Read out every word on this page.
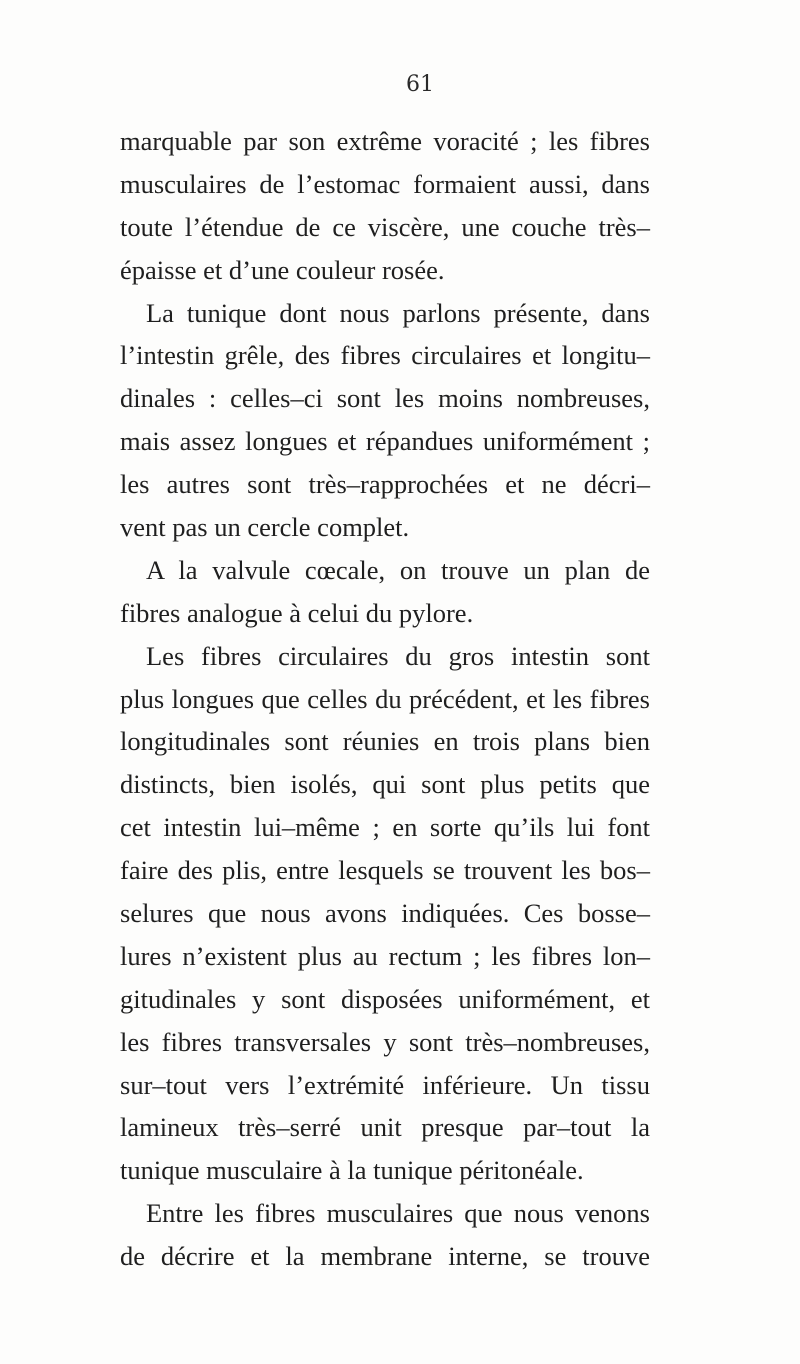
61
marquable par son extrême voracité ; les fibres
musculaires de l’estomac formaient aussi, dans
toute l’étendue de ce viscère, une couche très–
épaisse et d’une couleur rosée.
La tunique dont nous parlons présente, dans
l’intestin grêle, des fibres circulaires et longitu–
dinales : celles–ci sont les moins nombreuses,
mais assez longues et répandues uniformément ;
les autres sont très–rapprochées et ne décri–
vent pas un cercle complet.
A la valvule cœcale, on trouve un plan de
fibres analogue à celui du pylore.
Les fibres circulaires du gros intestin sont
plus longues que celles du précédent, et les fibres
longitudinales sont réunies en trois plans bien
distincts, bien isolés, qui sont plus petits que
cet intestin lui–même ; en sorte qu’ils lui font
faire des plis, entre lesquels se trouvent les bos–
selures que nous avons indiquées. Ces bosse–
lures n’existent plus au rectum ; les fibres lon–
gitudinales y sont disposées uniformément, et
les fibres transversales y sont très–nombreuses,
sur–tout vers l’extrémité inférieure. Un tissu
lamineux très–serré unit presque par–tout la
tunique musculaire à la tunique péritonéale.
Entre les fibres musculaires que nous venons
de décrire et la membrane interne, se trouve
